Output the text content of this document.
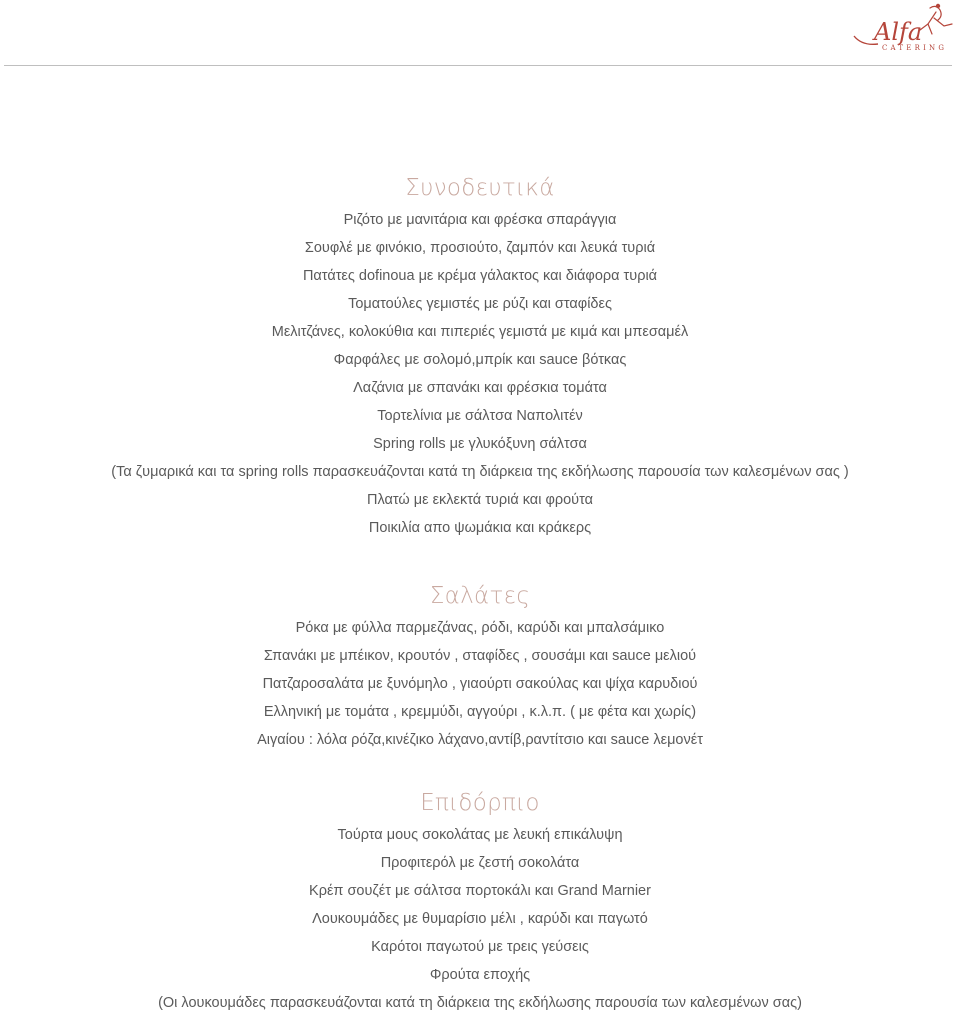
Alfa
CATERING
Συνοδευτικά
Ριζότο με μανιτάρια και φρέσκα σπαράγγια
Σουφλέ με φινόκιο, προσιούτο, ζαμπόν και λευκά τυριά
Πατάτες dofinoua με κρέμα γάλακτος και διάφορα τυριά
Τοματούλες γεμιστές με ρύζι και σταφίδες
Μελιτζάνες, κολοκύθια και πιπεριές γεμιστά με κιμά και μπεσαμέλ
Φαρφάλες με σολομό,μπρίκ και sauce βότκας
Λαζάνια με σπανάκι και φρέσκια τομάτα
Τορτελίνια με σάλτσα Ναπολιτέν
Spring rolls με γλυκόξυνη σάλτσα
(Τα ζυμαρικά και τα spring rolls παρασκευάζονται κατά τη διάρκεια της εκδήλωσης παρουσία των καλεσμένων σας )
Πλατώ με εκλεκτά τυριά και φρούτα
Ποικιλία απο ψωμάκια και κράκερς
Σαλάτες
Ρόκα με φύλλα παρμεζάνας, ρόδι, καρύδι και μπαλσάμικο
Σπανάκι με μπέικον, κρουτόν , σταφίδες , σουσάμι και sauce μελιού
Πατζαροσαλάτα με ξυνόμηλο , γιαούρτι σακούλας και ψίχα καρυδιού
Ελληνική με τομάτα , κρεμμύδι, αγγούρι , κ.λ.π. ( με φέτα και χωρίς)
Αιγαίου : λόλα ρόζα,κινέζικο λάχανο,αντίβ,ραντίτσιο και sauce λεμονέτ
Επιδόρπιο
Τούρτα μους σοκολάτας με λευκή επικάλυψη
Προφιτερόλ με ζεστή σοκολάτα
Κρέπ σουζέτ με σάλτσα πορτοκάλι και Grand Marnier
Λουκουμάδες με θυμαρίσιο μέλι , καρύδι και παγωτό
Καρότοι παγωτού με τρεις γεύσεις
Φρούτα εποχής
(Οι λουκουμάδες παρασκευάζονται κατά τη διάρκεια της εκδήλωσης παρουσία των καλεσμένων σας)
